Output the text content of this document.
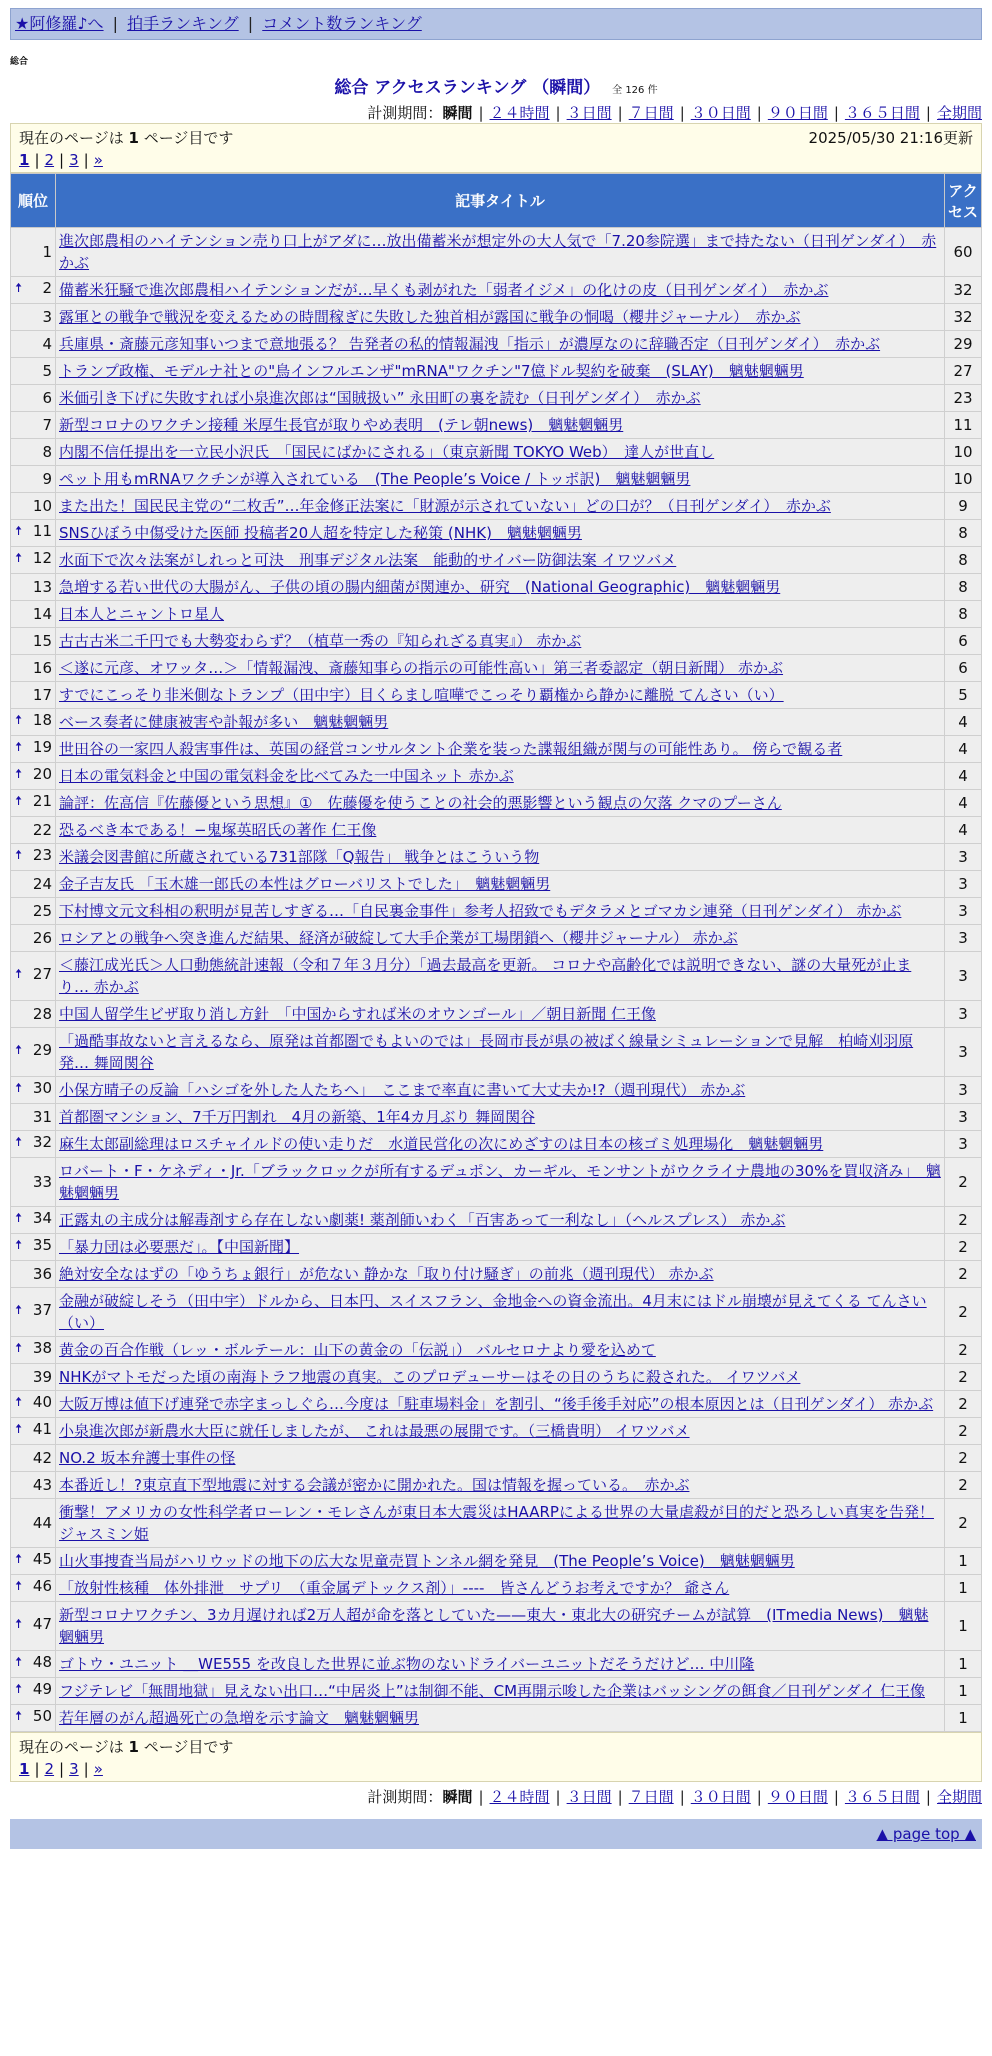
★阿修羅♪へ | 拍手ランキング | コメント数ランキング
総合
総合 アクセスランキング （瞬間） 全 126 件
計測期間：瞬間 | ２４時間 | ３日間 | ７日間 | ３０日間 | ９０日間 | ３６５日間 | 全期間
現在のページは 1 ページ目です	2025/05/30 21:16更新
1 | 2 | 3 | »
順位	記事タイトル	アクセス
1	進次郎農相のハイテンション売り口上がアダに…放出備蓄米が想定外の大人気で「7.20参院選」まで持たない（日刊ゲンダイ）　赤かぶ	60

🠅 2	備蓄米狂騒で進次郎農相ハイテンションだが…早くも剥がれた「弱者イジメ」の化けの皮（日刊ゲンダイ）　赤かぶ	32
3	露軍との戦争で戦況を変えるための時間稼ぎに失敗した独首相が露国に戦争の恫喝（櫻井ジャーナル）　赤かぶ	32
4	兵庫県・斎藤元彦知事いつまで意地張る？ 告発者の私的情報漏洩「指示」が濃厚なのに辞職否定（日刊ゲンダイ）　赤かぶ	29
5	トランプ政権、モデルナ社との"鳥インフルエンザ"mRNA"ワクチン"7億ドル契約を破棄　(SLAY)　魑魅魍魎男	27
6	米価引き下げに失敗すれば小泉進次郎は“国賊扱い” 永田町の裏を読む（日刊ゲンダイ）　赤かぶ	23
7	新型コロナのワクチン接種 米厚生長官が取りやめ表明　(テレ朝news)　魑魅魍魎男	11
8	内閣不信任提出を一立民小沢氏　「国民にばかにされる」（東京新聞 TOKYO Web）　達人が世直し	10
9	ペット用もmRNAワクチンが導入されている　(The People’s Voice / トッポ訳)　魑魅魍魎男	10
10	また出た！国民民主党の“二枚舌”…年金修正法案に「財源が示されていない」どの口が？（日刊ゲンダイ）　赤かぶ	9

🠅 11	SNSひぼう中傷受けた医師 投稿者20人超を特定した秘策 (NHK)　魑魅魍魎男	8

🠅 12	水面下で次々法案がしれっと可決　刑事デジタル法案　能動的サイバー防御法案 イワツバメ	8
13	急増する若い世代の大腸がん、子供の頃の腸内細菌が関連か、研究　(National Geographic)　魑魅魍魎男	8
14	日本人とニャントロ星人	8
15	古古古米二千円でも大勢変わらず？（植草一秀の『知られざる真実』） 赤かぶ	6
16	＜遂に元彦、オワッタ…＞「情報漏洩、斎藤知事らの指示の可能性高い」第三者委認定（朝日新聞） 赤かぶ	6
17	すでにこっそり非米側なトランプ（田中宇）目くらまし喧嘩でこっそり覇権から静かに離脱 てんさい（い）	5

🠅 18	ベース奏者に健康被害や訃報が多い　魑魅魍魎男	4

🠅 19	世田谷の一家四人殺害事件は、英国の経営コンサルタント企業を装った諜報組織が関与の可能性あり。 傍らで観る者	4

🠅 20	日本の電気料金と中国の電気料金を比べてみた一中国ネット 赤かぶ	4

🠅 21	論評：佐高信『佐藤優という思想』①　佐藤優を使うことの社会的悪影響という観点の欠落 クマのプーさん	4
22	恐るべき本である！−鬼塚英昭氏の著作 仁王像	4

🠅 23	米議会図書館に所蔵されている731部隊「Q報告」 戦争とはこういう物	3
24	金子吉友氏 「玉木雄一郎氏の本性はグローバリストでした」　魑魅魍魎男	3
25	下村博文元文科相の釈明が見苦しすぎる…「自民裏金事件」参考人招致でもデタラメとゴマカシ連発（日刊ゲンダイ） 赤かぶ	3
26	ロシアとの戦争へ突き進んだ結果、経済が破綻して大手企業が工場閉鎖へ（櫻井ジャーナル） 赤かぶ	3

🠅 27	＜藤江成光氏＞人口動態統計速報（令和７年３月分）「過去最高を更新。 コロナや高齢化では説明できない、謎の大量死が止まり… 赤かぶ	3
28	中国人留学生ビザ取り消し方針　「中国からすれば米のオウンゴール」／朝日新聞 仁王像	3

🠅 29	「過酷事故ないと言えるなら、原発は首都圏でもよいのでは」長岡市長が県の被ばく線量シミュレーションで見解　柏崎刈羽原発… 舞岡関谷	3

🠅 30	小保方晴子の反論「ハシゴを外した人たちへ」　ここまで率直に書いて大丈夫か!?（週刊現代） 赤かぶ	3
31	首都圏マンション、7千万円割れ　4月の新築、1年4カ月ぶり 舞岡関谷	3

🠅 32	麻生太郎副総理はロスチャイルドの使い走りだ　水道民営化の次にめざすのは日本の核ゴミ処理場化　魑魅魍魎男	3
33	ロバート・F・ケネディ・Jr.「ブラックロックが所有するデュポン、カーギル、モンサントがウクライナ農地の30%を買収済み」　魑魅魍魎男	2

🠅 34	正露丸の主成分は解毒剤すら存在しない劇薬! 薬剤師いわく「百害あって一利なし」（ヘルスプレス） 赤かぶ	2

🠅 35	「暴力団は必要悪だ」。【中国新聞】	2
36	絶対安全なはずの「ゆうちょ銀行」が危ない 静かな「取り付け騒ぎ」の前兆（週刊現代） 赤かぶ	2

🠅 37	金融が破綻しそう（田中宇）ドルから、日本円、スイスフラン、金地金への資金流出。4月末にはドル崩壊が見えてくる てんさい（い）	2

🠅 38	黄金の百合作戦（レッ・ボルテール：山下の黄金の「伝説」） バルセロナより愛を込めて	2
39	NHKがマトモだった頃の南海トラフ地震の真実。このプロデューサーはその日のうちに殺された。 イワツバメ	2

🠅 40	大阪万博は値下げ連発で赤字まっしぐら…今度は「駐車場料金」を割引、“後手後手対応”の根本原因とは（日刊ゲンダイ） 赤かぶ	2

🠅 41	小泉進次郎が新農水大臣に就任しましたが、 これは最悪の展開です。（三橋貴明） イワツバメ	2
42	NO.2 坂本弁護士事件の怪	2
43	本番近し！?東京直下型地震に対する会議が密かに開かれた。国は情報を握っている。　赤かぶ	2
44	衝撃！アメリカの女性科学者ローレン・モレさんが東日本大震災はHAARPによる世界の大量虐殺が目的だと恐ろしい真実を告発！ ジャスミン姫	2

🠅 45	山火事捜査当局がハリウッドの地下の広大な児童売買トンネル網を発見　(The People’s Voice)　魑魅魍魎男	1

🠅 46	「放射性核種　体外排泄　サプリ　（重金属デトックス剤）」----　皆さんどうお考えですか？ 爺さん	1

🠅 47	新型コロナワクチン、3カ月遅ければ2万人超が命を落としていた——東大・東北大の研究チームが試算　(ITmedia News)　魑魅魍魎男	1

🠅 48	ゴトウ・ユニット ＿WE555 を改良した世界に並ぶ物のないドライバーユニットだそうだけど… 中川隆	1

🠅 49	フジテレビ「無間地獄」見えない出口…“中居炎上”は制御不能、CM再開示唆した企業はバッシングの餌食／日刊ゲンダイ 仁王像	1

🠅 50	若年層のがん超過死亡の急増を示す論文　魑魅魍魎男	1
現在のページは 1 ページ目です
1 | 2 | 3 | »
計測期間：瞬間 | ２４時間 | ３日間 | ７日間 | ３０日間 | ９０日間 | ３６５日間 | 全期間
▲ page top ▲
